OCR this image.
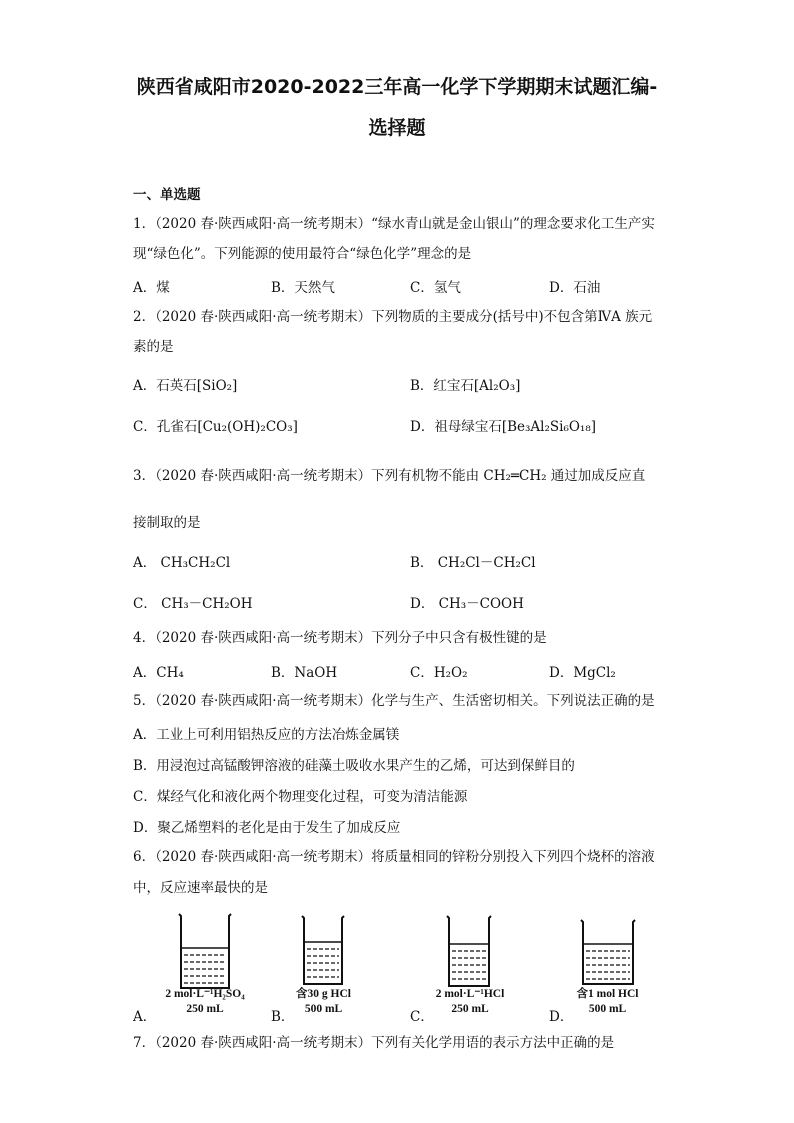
陕西省咸阳市2020-2022三年高一化学下学期期末试题汇编-
选择题
一、单选题
1．（2020 春·陕西咸阳·高一统考期末）“绿水青山就是金山银山”的理念要求化工生产实
现“绿色化”。下列能源的使用最符合“绿色化学”理念的是
A．煤	B．天然气	C．氢气	D．石油
2．（2020 春·陕西咸阳·高一统考期末）下列物质的主要成分(括号中)不包含第ⅣA 族元
素的是
A．石英石[SiO₂]	B．红宝石[Al₂O₃]
C．孔雀石[Cu₂(OH)₂CO₃]	D．祖母绿宝石[Be₃Al₂Si₆O₁₈]
3．（2020 春·陕西咸阳·高一统考期末）下列有机物不能由 CH₂═CH₂ 通过加成反应直
接制取的是
A． CH₃CH₂Cl	B． CH₂Cl－CH₂Cl
C． CH₃－CH₂OH	D． CH₃－COOH
4．（2020 春·陕西咸阳·高一统考期末）下列分子中只含有极性键的是
A．CH₄	B．NaOH	C．H₂O₂	D．MgCl₂
5．（2020 春·陕西咸阳·高一统考期末）化学与生产、生活密切相关。下列说法正确的是
A．工业上可利用铝热反应的方法冶炼金属镁
B．用浸泡过高锰酸钾溶液的硅藻土吸收水果产生的乙烯，可达到保鲜目的
C．煤经气化和液化两个物理变化过程，可变为清洁能源
D．聚乙烯塑料的老化是由于发生了加成反应
6．（2020 春·陕西咸阳·高一统考期末）将质量相同的锌粉分别投入下列四个烧杯的溶液
中，反应速率最快的是
2 mol·L⁻¹H₂SO₄
250 mL
A．
含30 g HCl
500 mL
B．
2 mol·L⁻¹HCl
250 mL
C．
含1 mol HCl
500 mL
D．
7．（2020 春·陕西咸阳·高一统考期末）下列有关化学用语的表示方法中正确的是
